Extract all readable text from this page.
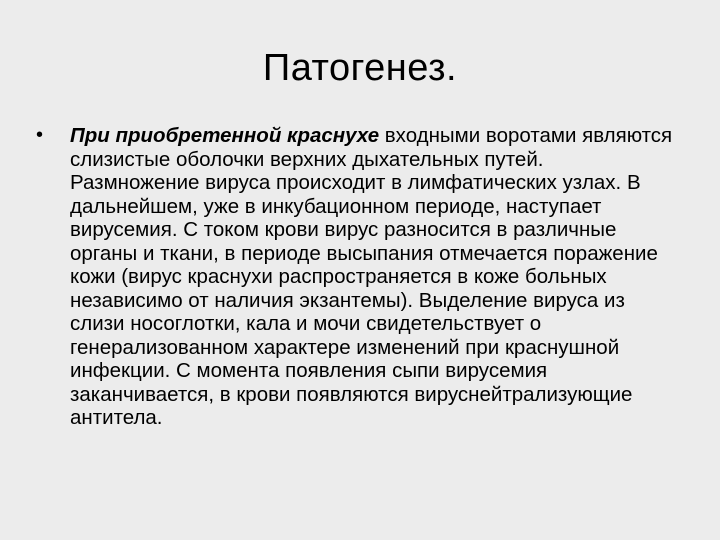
Патогенез.
• При приобретенной краснухе входными воротами являются слизистые оболочки верхних дыхательных путей. Размножение вируса происходит в лимфатических узлах. В дальнейшем, уже в инкубационном периоде, наступает вирусемия. С током крови вирус разносится в различные органы и ткани, в периоде высыпания отмечается поражение кожи (вирус краснухи распространяется в коже больных независимо от наличия экзантемы). Выделение вируса из слизи носоглотки, кала и мочи свидетельствует о генерализованном характере изменений при краснушной инфекции. С момента появления сыпи вирусемия заканчивается, в крови появляются вируснейтрализующие антитела.
